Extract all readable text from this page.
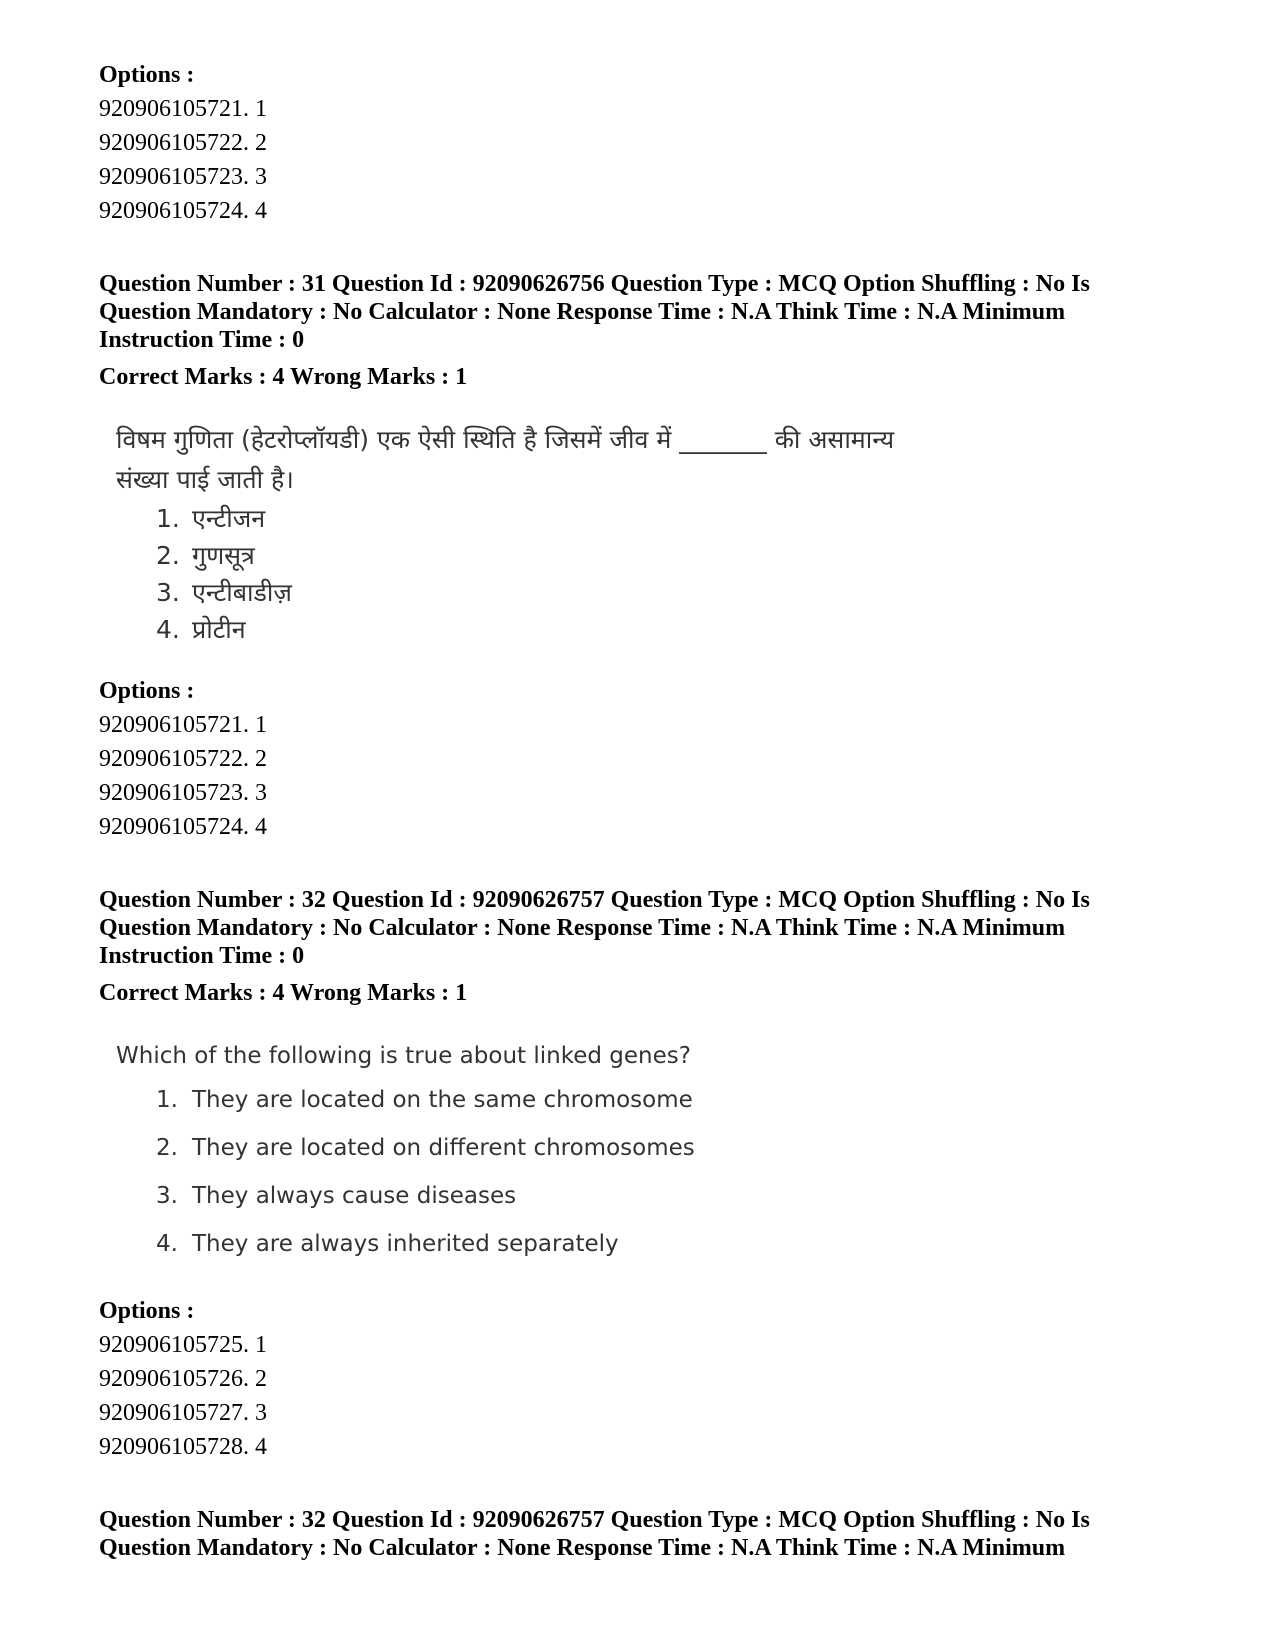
Options :
920906105721. 1
920906105722. 2
920906105723. 3
920906105724. 4
Question Number : 31 Question Id : 92090626756 Question Type : MCQ Option Shuffling : No Is
Question Mandatory : No Calculator : None Response Time : N.A Think Time : N.A Minimum
Instruction Time : 0
Correct Marks : 4 Wrong Marks : 1
विषम गुणिता (हेटरोप्लॉयडी) एक ऐसी स्थिति है जिसमें जीव में _______ की असामान्य
संख्या पाई जाती है।
1. एन्टीजन
2. गुणसूत्र
3. एन्टीबाडीज़
4. प्रोटीन
Options :
920906105721. 1
920906105722. 2
920906105723. 3
920906105724. 4
Question Number : 32 Question Id : 92090626757 Question Type : MCQ Option Shuffling : No Is
Question Mandatory : No Calculator : None Response Time : N.A Think Time : N.A Minimum
Instruction Time : 0
Correct Marks : 4 Wrong Marks : 1
Which of the following is true about linked genes?
1. They are located on the same chromosome
2. They are located on different chromosomes
3. They always cause diseases
4. They are always inherited separately
Options :
920906105725. 1
920906105726. 2
920906105727. 3
920906105728. 4
Question Number : 32 Question Id : 92090626757 Question Type : MCQ Option Shuffling : No Is
Question Mandatory : No Calculator : None Response Time : N.A Think Time : N.A Minimum
